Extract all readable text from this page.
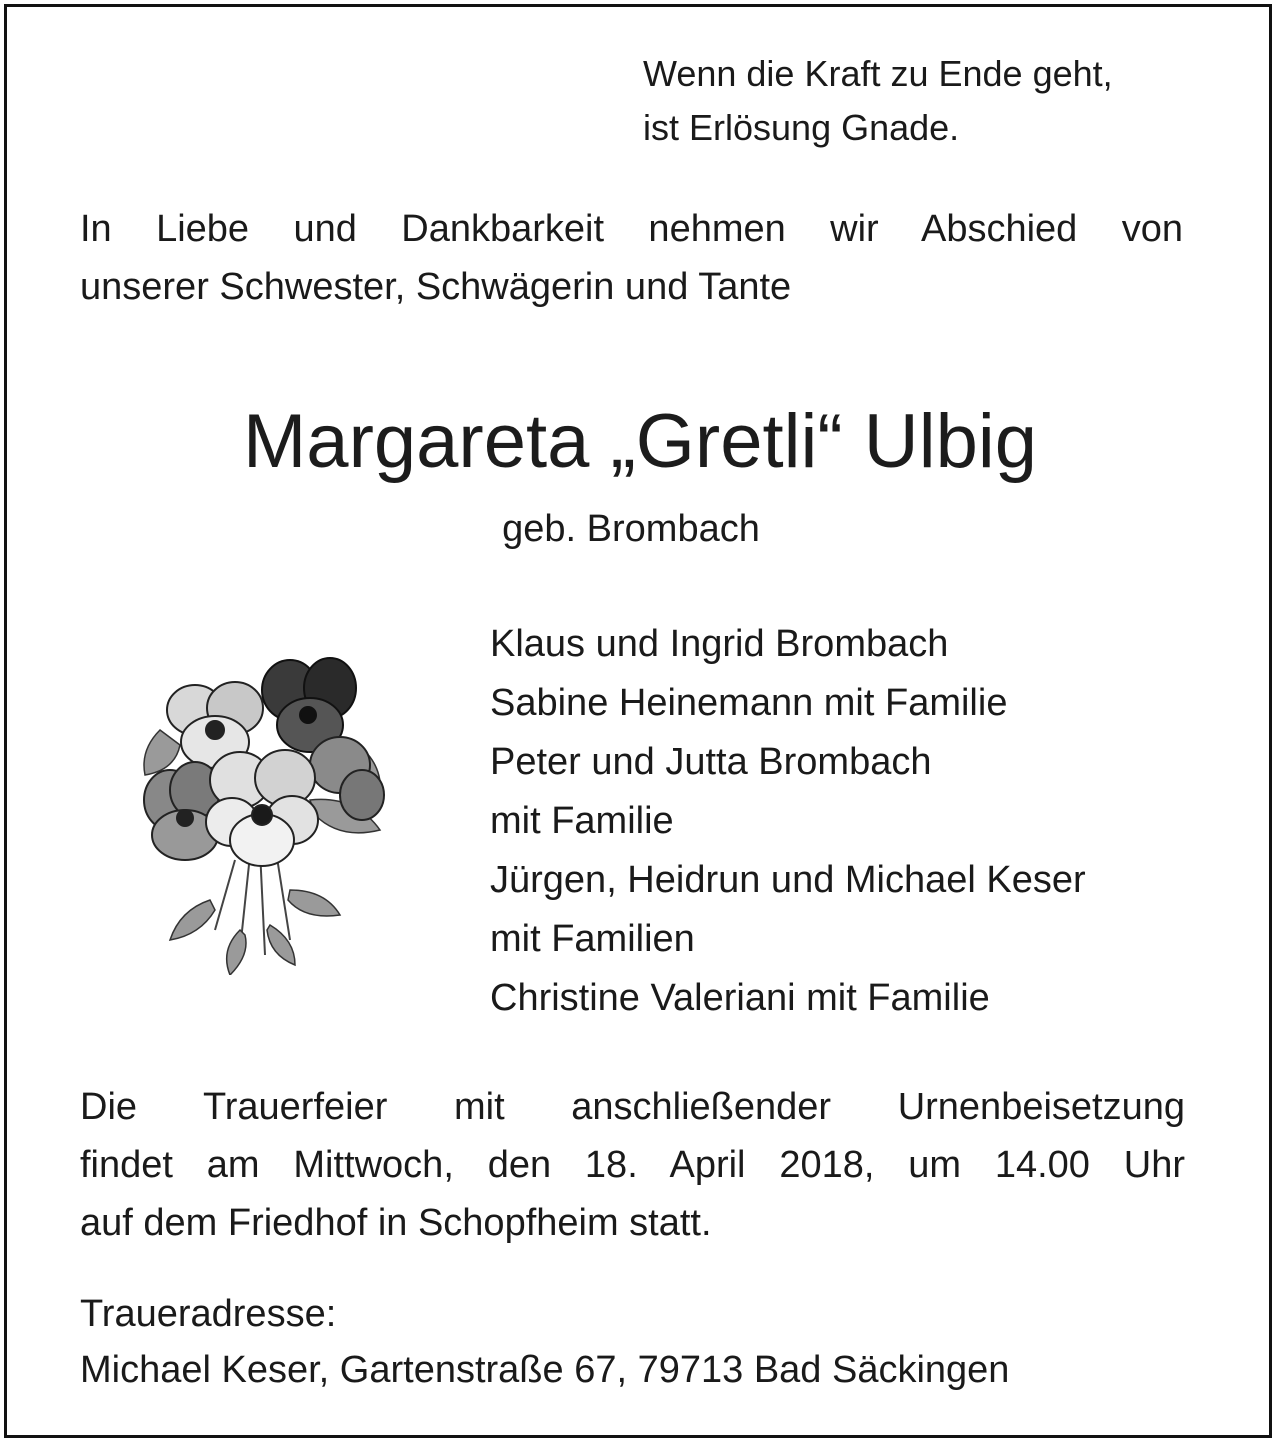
Wenn die Kraft zu Ende geht,
ist Erlösung Gnade.
In Liebe und Dankbarkeit nehmen wir Abschied von
unserer Schwester, Schwägerin und Tante
Margareta „Gretli“ Ulbig
geb. Brombach
Klaus und Ingrid Brombach
Sabine Heinemann mit Familie
Peter und Jutta Brombach
mit Familie
Jürgen, Heidrun und Michael Keser
mit Familien
Christine Valeriani mit Familie
Die Trauerfeier mit anschließender Urnenbeisetzung
findet am Mittwoch, den 18. April 2018, um 14.00 Uhr
auf dem Friedhof in Schopfheim statt.
Traueradresse:
Michael Keser, Gartenstraße 67, 79713 Bad Säckingen
